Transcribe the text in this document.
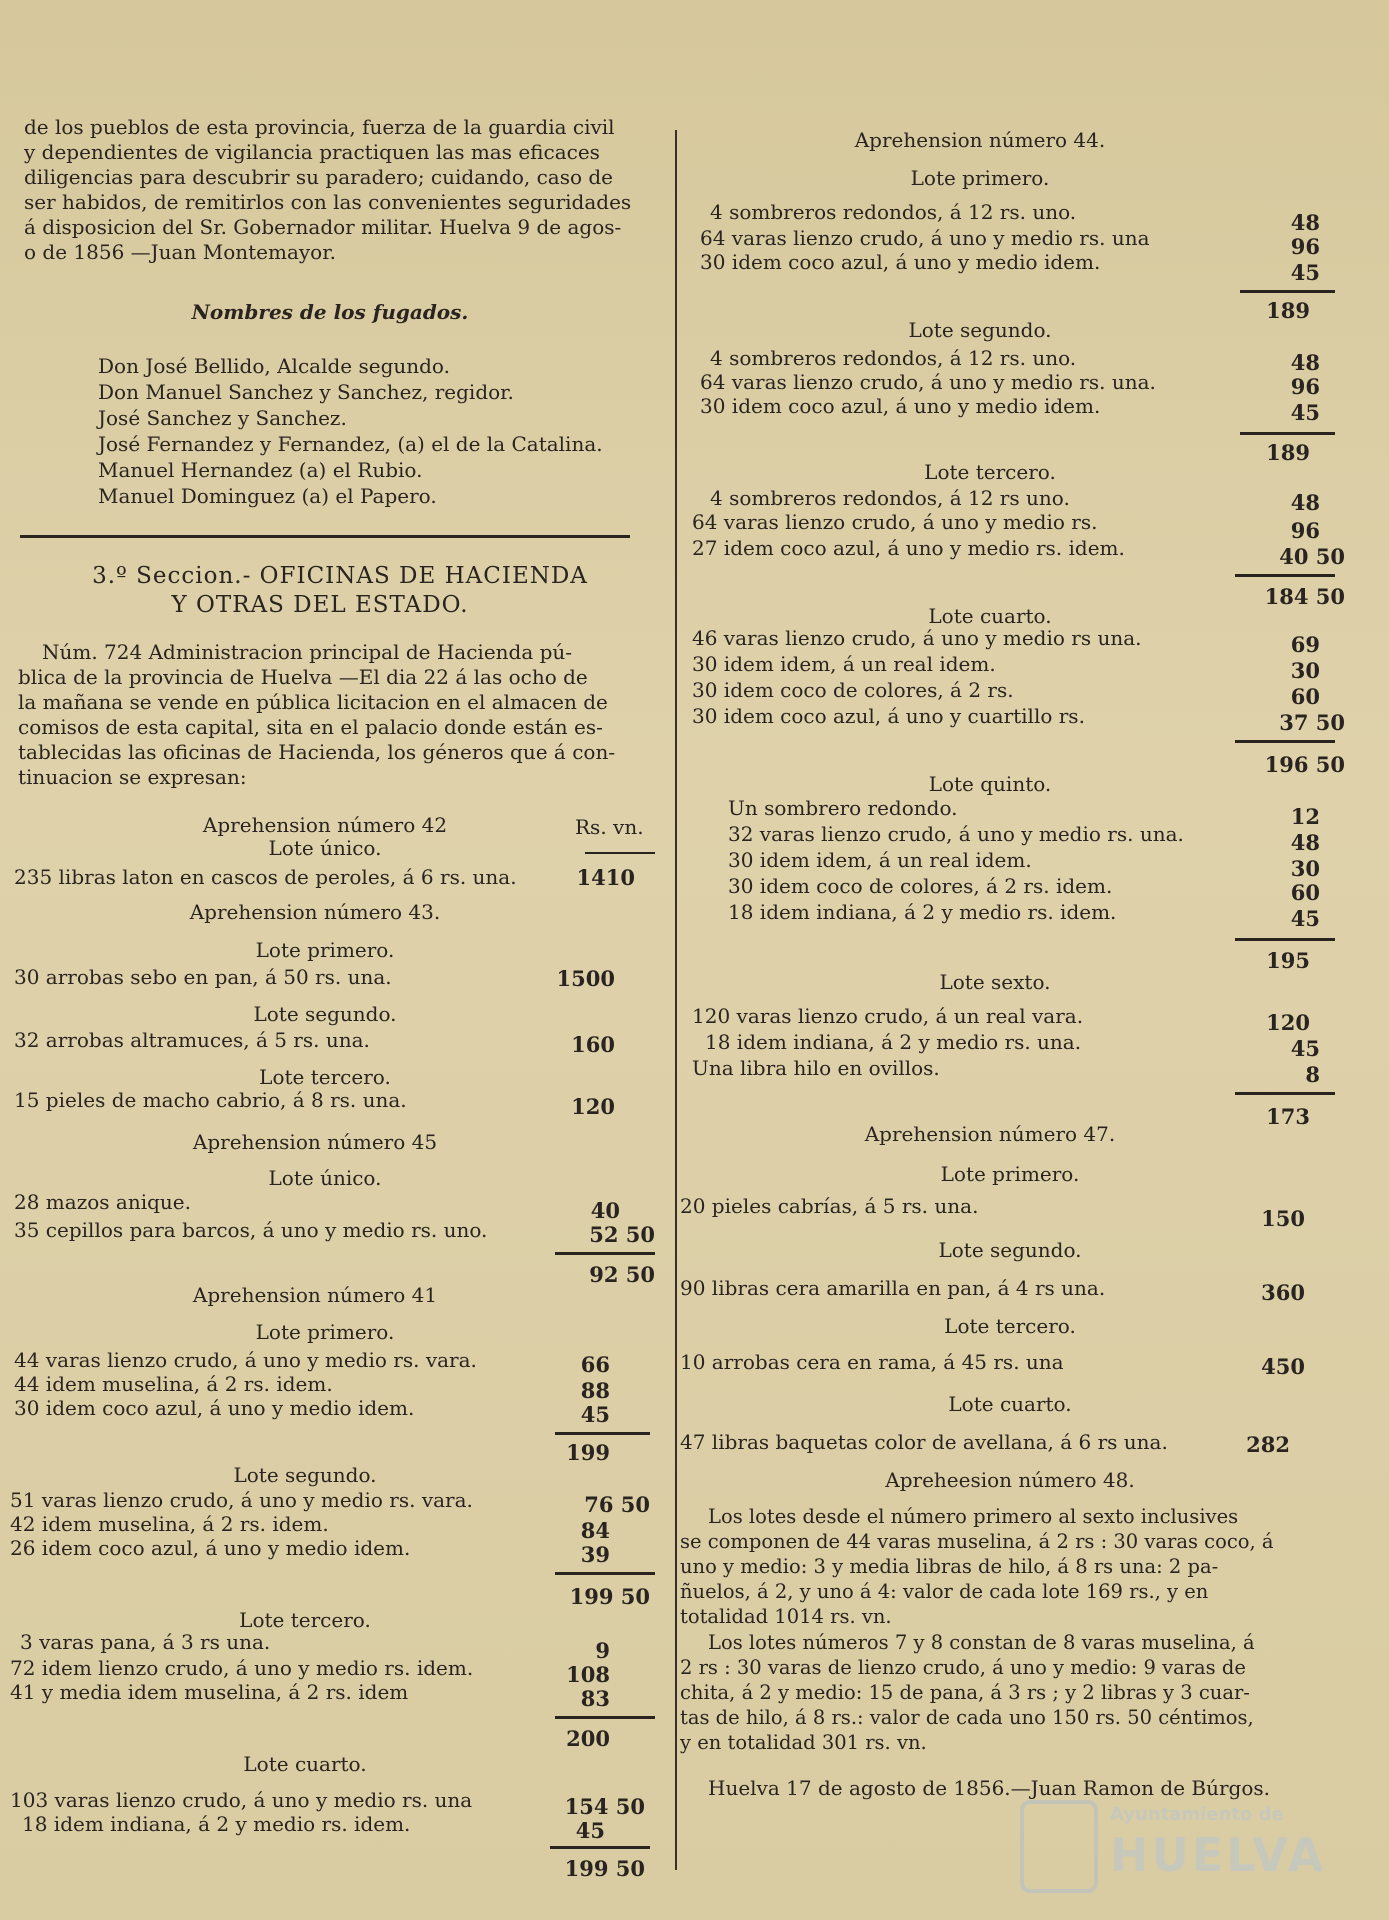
de los pueblos de esta provincia, fuerza de la guardia civil
y dependientes de vigilancia practiquen las mas eficaces
diligencias para descubrir su paradero; cuidando, caso de
ser habidos, de remitirlos con las convenientes seguridades
á disposicion del Sr. Gobernador militar. Huelva 9 de agos-
o de 1856 —Juan Montemayor.
Nombres de los fugados.
Don José Bellido, Alcalde segundo.
Don Manuel Sanchez y Sanchez, regidor.
José Sanchez y Sanchez.
José Fernandez y Fernandez, (a) el de la Catalina.
Manuel Hernandez (a) el Rubio.
Manuel Dominguez (a) el Papero.
3.º Seccion.- OFICINAS DE HACIENDA
Y OTRAS DEL ESTADO.
Núm. 724 Administracion principal de Hacienda pú-
blica de la provincia de Huelva —El dia 22 á las ocho de
la mañana se vende en pública licitacion en el almacen de
comisos de esta capital, sita en el palacio donde están es-
tablecidas las oficinas de Hacienda, los géneros que á con-
tinuacion se expresan:
Aprehension número 42	Rs. vn.
Lote único.
235 libras laton en cascos de peroles, á 6 rs. una.	1410
Aprehension número 43.
Lote primero.
30 arrobas sebo en pan, á 50 rs. una.	1500
Lote segundo.
32 arrobas altramuces, á 5 rs. una.	160
Lote tercero.
15 pieles de macho cabrio, á 8 rs. una.	120
Aprehension número 45
Lote único.
28 mazos anique.	40
35 cepillos para barcos, á uno y medio rs. uno.	52 50
92 50
Aprehension número 41
Lote primero.
44 varas lienzo crudo, á uno y medio rs. vara.	66
44 idem muselina, á 2 rs. idem.	88
30 idem coco azul, á uno y medio idem.	45
199
Lote segundo.
51 varas lienzo crudo, á uno y medio rs. vara.	76 50
42 idem muselina, á 2 rs. idem.	84
26 idem coco azul, á uno y medio idem.	39
199 50
Lote tercero.
3 varas pana, á 3 rs una.	9
72 idem lienzo crudo, á uno y medio rs. idem.	108
41 y media idem muselina, á 2 rs. idem	83
200
Lote cuarto.
103 varas lienzo crudo, á uno y medio rs. una	154 50
18 idem indiana, á 2 y medio rs. idem.	45
199 50
Aprehension número 44.
Lote primero.
4 sombreros redondos, á 12 rs. uno.	48
64 varas lienzo crudo, á uno y medio rs. una	96
30 idem coco azul, á uno y medio idem.	45
189
Lote segundo.
4 sombreros redondos, á 12 rs. uno.	48
64 varas lienzo crudo, á uno y medio rs. una.	96
30 idem coco azul, á uno y medio idem.	45
189
Lote tercero.
4 sombreros redondos, á 12 rs uno.	48
64 varas lienzo crudo, á uno y medio rs.	96
27 idem coco azul, á uno y medio rs. idem.	40 50
184 50
Lote cuarto.
46 varas lienzo crudo, á uno y medio rs una.	69
30 idem idem, á un real idem.	30
30 idem coco de colores, á 2 rs.	60
30 idem coco azul, á uno y cuartillo rs.	37 50
196 50
Lote quinto.
Un sombrero redondo.	12
32 varas lienzo crudo, á uno y medio rs. una.	48
30 idem idem, á un real idem.	30
30 idem coco de colores, á 2 rs. idem.	60
18 idem indiana, á 2 y medio rs. idem.	45
195
Lote sexto.
120 varas lienzo crudo, á un real vara.	120
18 idem indiana, á 2 y medio rs. una.	45
Una libra hilo en ovillos.	8
173
Aprehension número 47.
Lote primero.
20 pieles cabrías, á 5 rs. una.	150
Lote segundo.
90 libras cera amarilla en pan, á 4 rs una.	360
Lote tercero.
10 arrobas cera en rama, á 45 rs. una	450
Lote cuarto.
47 libras baquetas color de avellana, á 6 rs una.	282
Apreheesion número 48.
Los lotes desde el número primero al sexto inclusives
se componen de 44 varas muselina, á 2 rs : 30 varas coco, á
uno y medio: 3 y media libras de hilo, á 8 rs una: 2 pa-
ñuelos, á 2, y uno á 4: valor de cada lote 169 rs., y en
totalidad 1014 rs. vn.
Los lotes números 7 y 8 constan de 8 varas muselina, á
2 rs : 30 varas de lienzo crudo, á uno y medio: 9 varas de
chita, á 2 y medio: 15 de pana, á 3 rs ; y 2 libras y 3 cuar-
tas de hilo, á 8 rs.: valor de cada uno 150 rs. 50 céntimos,
y en totalidad 301 rs. vn.
Huelva 17 de agosto de 1856.—Juan Ramon de Búrgos.
Ayuntamiento de
HUELVA
